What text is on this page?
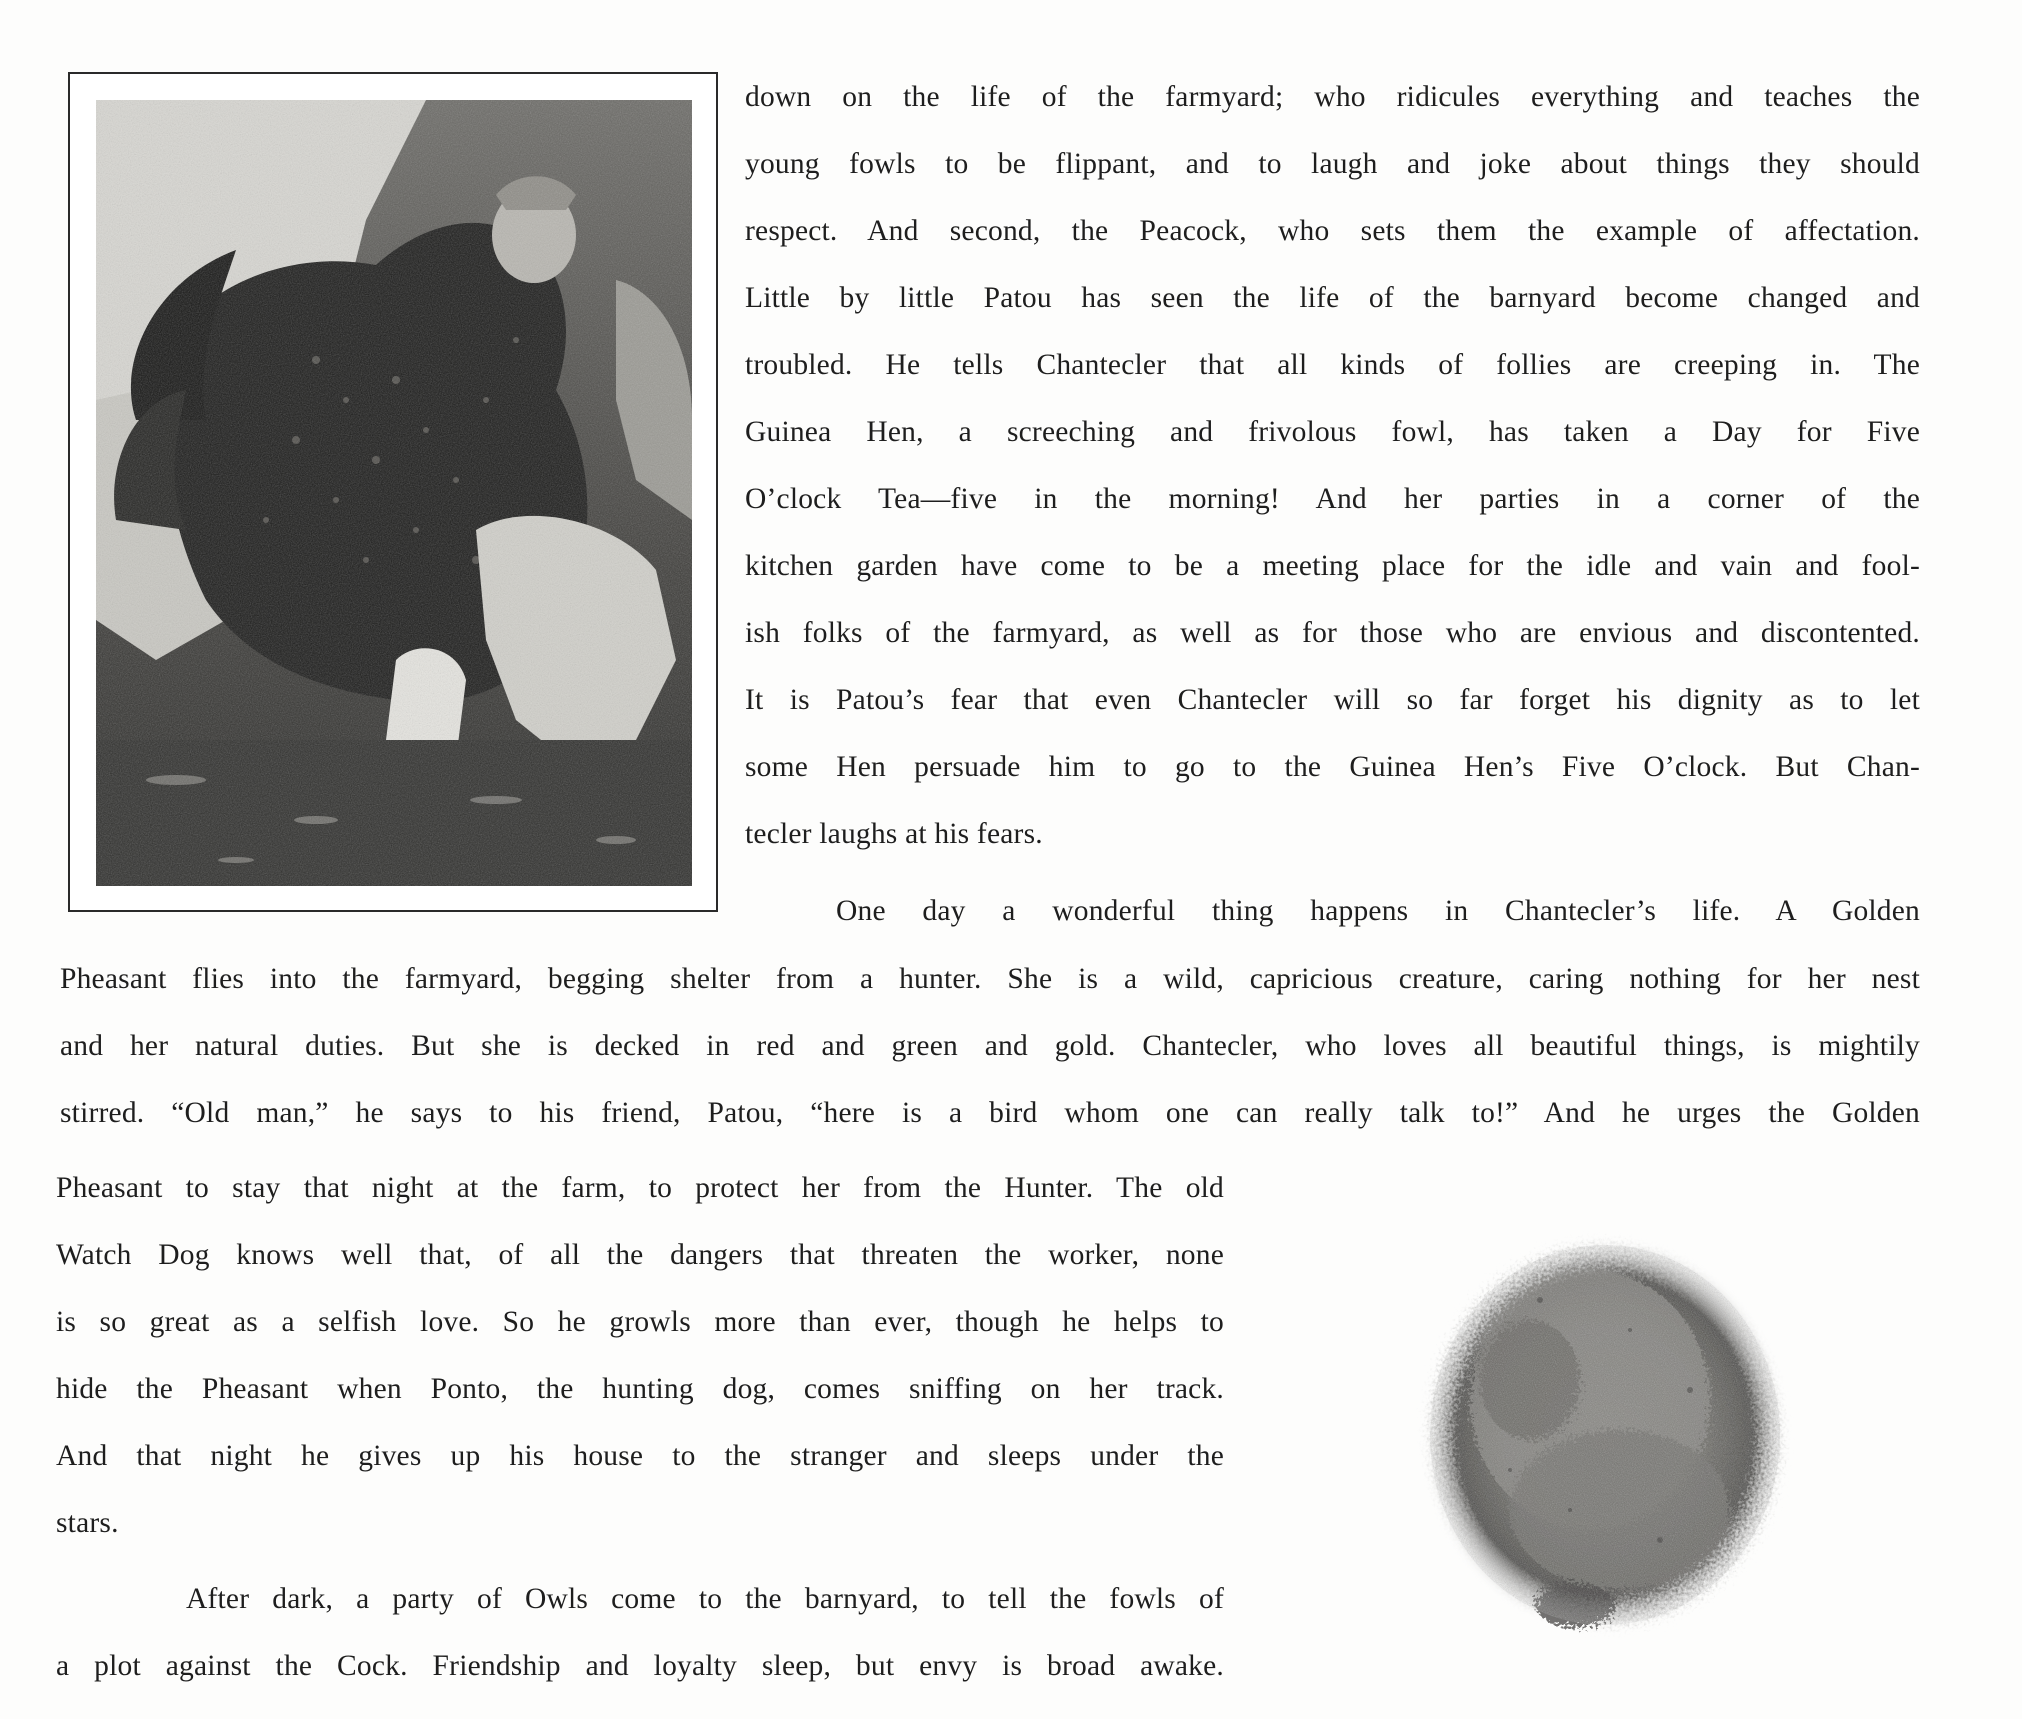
down on the life of the farmyard; who ridicules everything and teaches the
young fowls to be flippant, and to laugh and joke about things they should
respect. And second, the Peacock, who sets them the example of affectation.
Little by little Patou has seen the life of the barnyard become changed and
troubled. He tells Chantecler that all kinds of follies are creeping in. The
Guinea Hen, a screeching and frivolous fowl, has taken a Day for Five
O’clock Tea—five in the morning! And her parties in a corner of the
kitchen garden have come to be a meeting place for the idle and vain and fool-
ish folks of the farmyard, as well as for those who are envious and discontented.
It is Patou’s fear that even Chantecler will so far forget his dignity as to let
some Hen persuade him to go to the Guinea Hen’s Five O’clock. But Chan-
tecler laughs at his fears.
One day a wonderful thing happens in Chantecler’s life. A Golden
Pheasant flies into the farmyard, begging shelter from a hunter. She is a wild, capricious creature, caring nothing for her nest
and her natural duties. But she is decked in red and green and gold. Chantecler, who loves all beautiful things, is mightily
stirred. “Old man,” he says to his friend, Patou, “here is a bird whom one can really talk to!” And he urges the Golden
Pheasant to stay that night at the farm, to protect her from the Hunter. The old
Watch Dog knows well that, of all the dangers that threaten the worker, none
is so great as a selfish love. So he growls more than ever, though he helps to
hide the Pheasant when Ponto, the hunting dog, comes sniffing on her track.
And that night he gives up his house to the stranger and sleeps under the
stars.
After dark, a party of Owls come to the barnyard, to tell the fowls of
a plot against the Cock. Friendship and loyalty sleep, but envy is broad awake.
